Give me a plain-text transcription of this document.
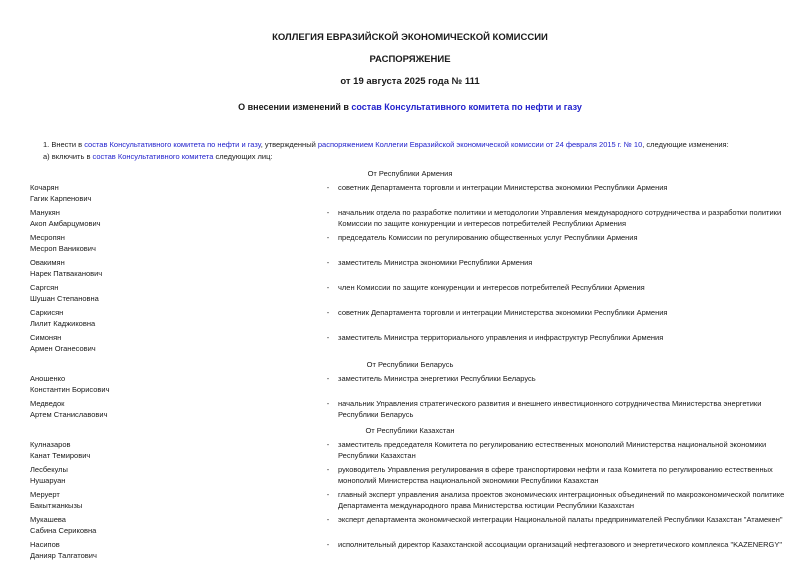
КОЛЛЕГИЯ ЕВРАЗИЙСКОЙ ЭКОНОМИЧЕСКОЙ КОМИССИИ
РАСПОРЯЖЕНИЕ
от 19 августа 2025 года № 111
О внесении изменений в состав Консультативного комитета по нефти и газу

1. Внести в состав Консультативного комитета по нефти и газу, утвержденный распоряжением Коллегии Евразийской экономической комиссии от 24 февраля 2015 г. № 10, следующие изменения:

а) включить в состав Консультативного комитета следующих лиц:

От Республики Армения
Кочарян
Гагик Карпенович
-	советник Департамента торговли и интеграции Министерства экономики Республики Армения
Манукян
Акоп Амбарцумович
-	начальник отдела по разработке политики и методологии Управления международного сотрудничества и разработки политики Комиссии по защите конкуренции и интересов потребителей Республики Армения
Месропян
Месроп Ваникович
-	председатель Комиссии по регулированию общественных услуг Республики Армения
Овакимян
Нарек Патваканович
-	заместитель Министра экономики Республики Армения
Саргсян
Шушан Степановна
-	член Комиссии по защите конкуренции и интересов потребителей Республики Армения
Саркисян
Лилит Каджиковна
-	советник Департамента торговли и интеграции Министерства экономики Республики Армения
Симонян
Армен Оганесович
-	заместитель Министра территориального управления и инфраструктур Республики Армения
От Республики Беларусь
Аношенко
Константин Борисович
-	заместитель Министра энергетики Республики Беларусь
Медведок
Артем Станиславович
-	начальник Управления стратегического развития и внешнего инвестиционного сотрудничества Министерства энергетики Республики Беларусь
От Республики Казахстан
Кулназаров
Канат Темирович
-	заместитель председателя Комитета по регулированию естественных монополий Министерства национальной экономики Республики Казахстан
Лесбекулы
Нушаруан
-	руководитель Управления регулирования в сфере транспортировки нефти и газа Комитета по регулированию естественных монополий Министерства национальной экономики Республики Казахстан
Меруерт
Бакытжанкызы
-	главный эксперт управления анализа проектов экономических интеграционных объединений по макроэкономической политике Департамента международного права Министерства юстиции Республики Казахстан
Мукашева
Сабина Сериковна
-	эксперт департамента экономической интеграции Национальной палаты предпринимателей Республики Казахстан "Атамекен"
Насипов
Данияр Талгатович
-	исполнительный директор Казахстанской ассоциации организаций нефтегазового и энергетического комплекса "KAZENERGY"
